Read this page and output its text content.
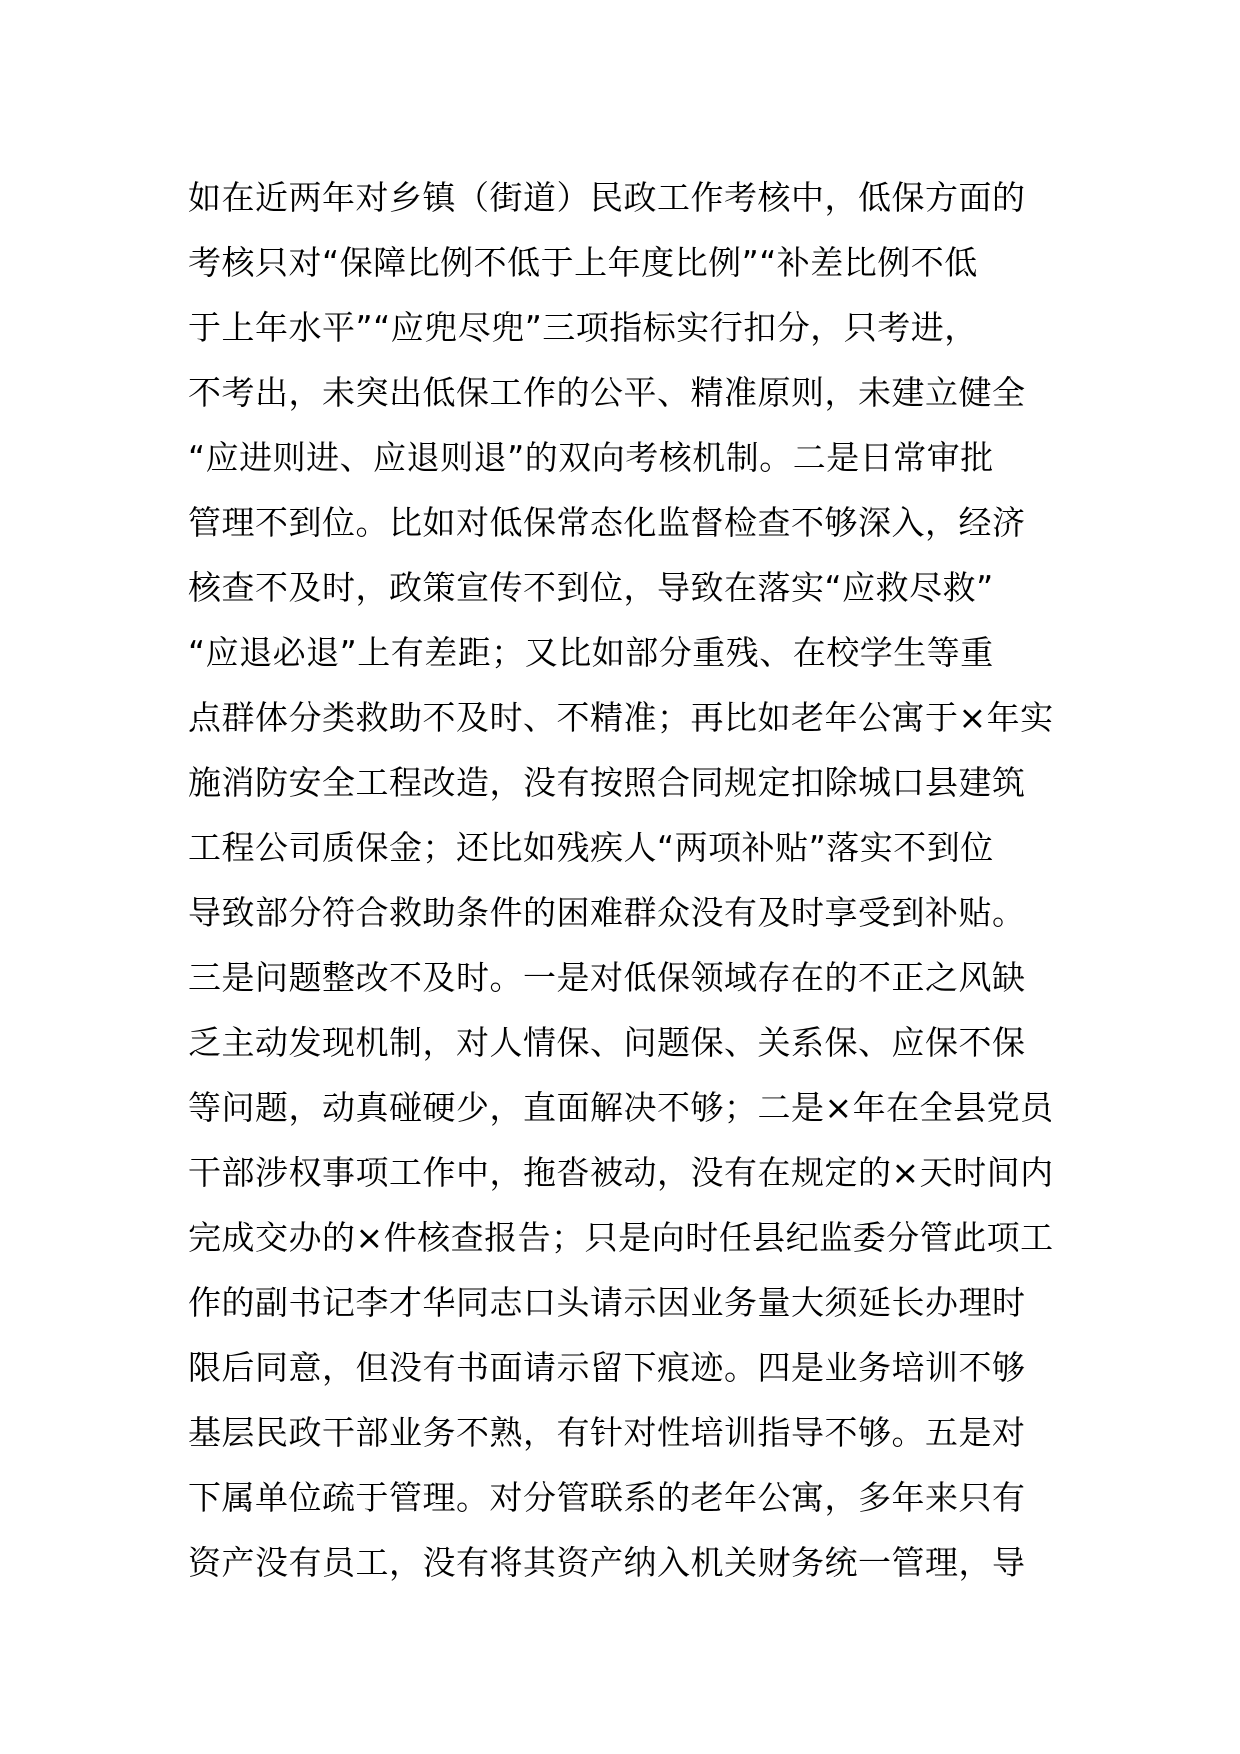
如在近两年对乡镇（街道）民政工作考核中，低保方面的
考核只对“保障比例不低于上年度比例”“补差比例不低
于上年水平”“应兜尽兜”三项指标实行扣分，只考进，
不考出，未突出低保工作的公平、精准原则，未建立健全
“应进则进、应退则退”的双向考核机制。二是日常审批
管理不到位。比如对低保常态化监督检查不够深入，经济
核查不及时，政策宣传不到位，导致在落实“应救尽救”
“应退必退”上有差距；又比如部分重残、在校学生等重
点群体分类救助不及时、不精准；再比如老年公寓于×年实
施消防安全工程改造，没有按照合同规定扣除城口县建筑
工程公司质保金；还比如残疾人“两项补贴”落实不到位
导致部分符合救助条件的困难群众没有及时享受到补贴。
三是问题整改不及时。一是对低保领域存在的不正之风缺
乏主动发现机制，对人情保、问题保、关系保、应保不保
等问题，动真碰硬少，直面解决不够；二是×年在全县党员
干部涉权事项工作中，拖沓被动，没有在规定的×天时间内
完成交办的×件核查报告；只是向时任县纪监委分管此项工
作的副书记李才华同志口头请示因业务量大须延长办理时
限后同意，但没有书面请示留下痕迹。四是业务培训不够
基层民政干部业务不熟，有针对性培训指导不够。五是对
下属单位疏于管理。对分管联系的老年公寓，多年来只有
资产没有员工，没有将其资产纳入机关财务统一管理，导
